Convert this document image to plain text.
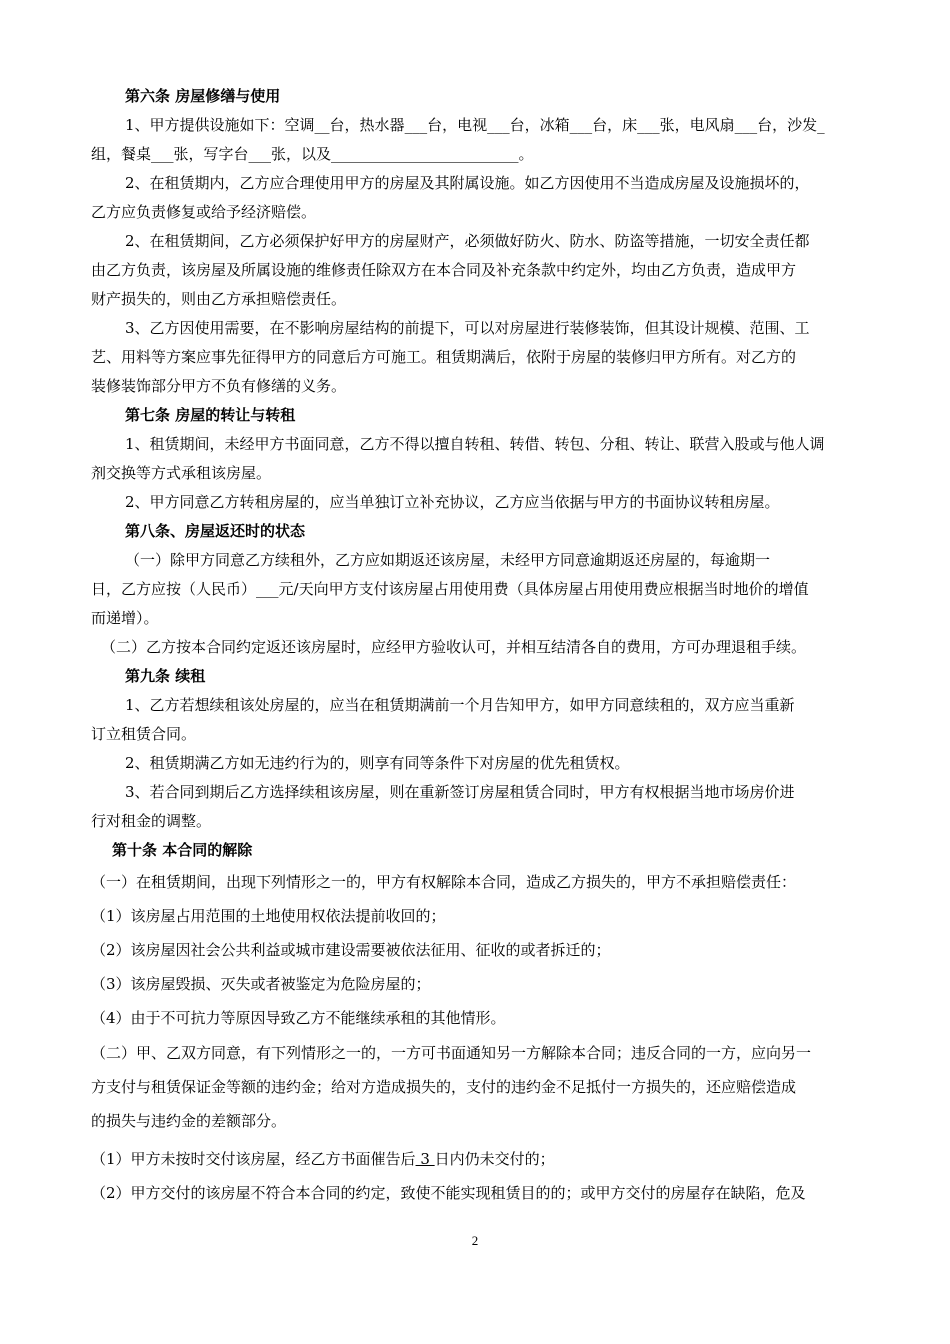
第六条 房屋修缮与使用
1、甲方提供设施如下：空调__台，热水器___台，电视___台，冰箱___台，床___张，电风扇___台，沙发_
组，餐桌___张，写字台___张，以及_________________________。
2、在租赁期内，乙方应合理使用甲方的房屋及其附属设施。如乙方因使用不当造成房屋及设施损坏的，
乙方应负责修复或给予经济赔偿。
2、在租赁期间，乙方必须保护好甲方的房屋财产，必须做好防火、防水、防盗等措施，一切安全责任都
由乙方负责，该房屋及所属设施的维修责任除双方在本合同及补充条款中约定外，均由乙方负责，造成甲方
财产损失的，则由乙方承担赔偿责任。
3、乙方因使用需要，在不影响房屋结构的前提下，可以对房屋进行装修装饰，但其设计规模、范围、工
艺、用料等方案应事先征得甲方的同意后方可施工。租赁期满后，依附于房屋的装修归甲方所有。对乙方的
装修装饰部分甲方不负有修缮的义务。
第七条 房屋的转让与转租
1、租赁期间，未经甲方书面同意，乙方不得以擅自转租、转借、转包、分租、转让、联营入股或与他人调
剂交换等方式承租该房屋。
2、甲方同意乙方转租房屋的，应当单独订立补充协议，乙方应当依据与甲方的书面协议转租房屋。
第八条、房屋返还时的状态
（一）除甲方同意乙方续租外，乙方应如期返还该房屋，未经甲方同意逾期返还房屋的，每逾期一
日，乙方应按（人民币）___元/天向甲方支付该房屋占用使用费（具体房屋占用使用费应根据当时地价的增值
而递增）。
（二）乙方按本合同约定返还该房屋时，应经甲方验收认可，并相互结清各自的费用，方可办理退租手续。
第九条 续租
1、乙方若想续租该处房屋的，应当在租赁期满前一个月告知甲方，如甲方同意续租的，双方应当重新
订立租赁合同。
2、租赁期满乙方如无违约行为的，则享有同等条件下对房屋的优先租赁权。
3、若合同到期后乙方选择续租该房屋，则在重新签订房屋租赁合同时，甲方有权根据当地市场房价进
行对租金的调整。
第十条 本合同的解除
（一）在租赁期间，出现下列情形之一的，甲方有权解除本合同，造成乙方损失的，甲方不承担赔偿责任：
（1）该房屋占用范围的土地使用权依法提前收回的；
（2）该房屋因社会公共利益或城市建设需要被依法征用、征收的或者拆迁的；
（3）该房屋毁损、灭失或者被鉴定为危险房屋的；
（4）由于不可抗力等原因导致乙方不能继续承租的其他情形。
（二）甲、乙双方同意，有下列情形之一的，一方可书面通知另一方解除本合同；违反合同的一方，应向另一
方支付与租赁保证金等额的违约金；给对方造成损失的，支付的违约金不足抵付一方损失的，还应赔偿造成
的损失与违约金的差额部分。
（1）甲方未按时交付该房屋，经乙方书面催告后 3 日内仍未交付的；
（2）甲方交付的该房屋不符合本合同的约定，致使不能实现租赁目的的；或甲方交付的房屋存在缺陷，危及
2
